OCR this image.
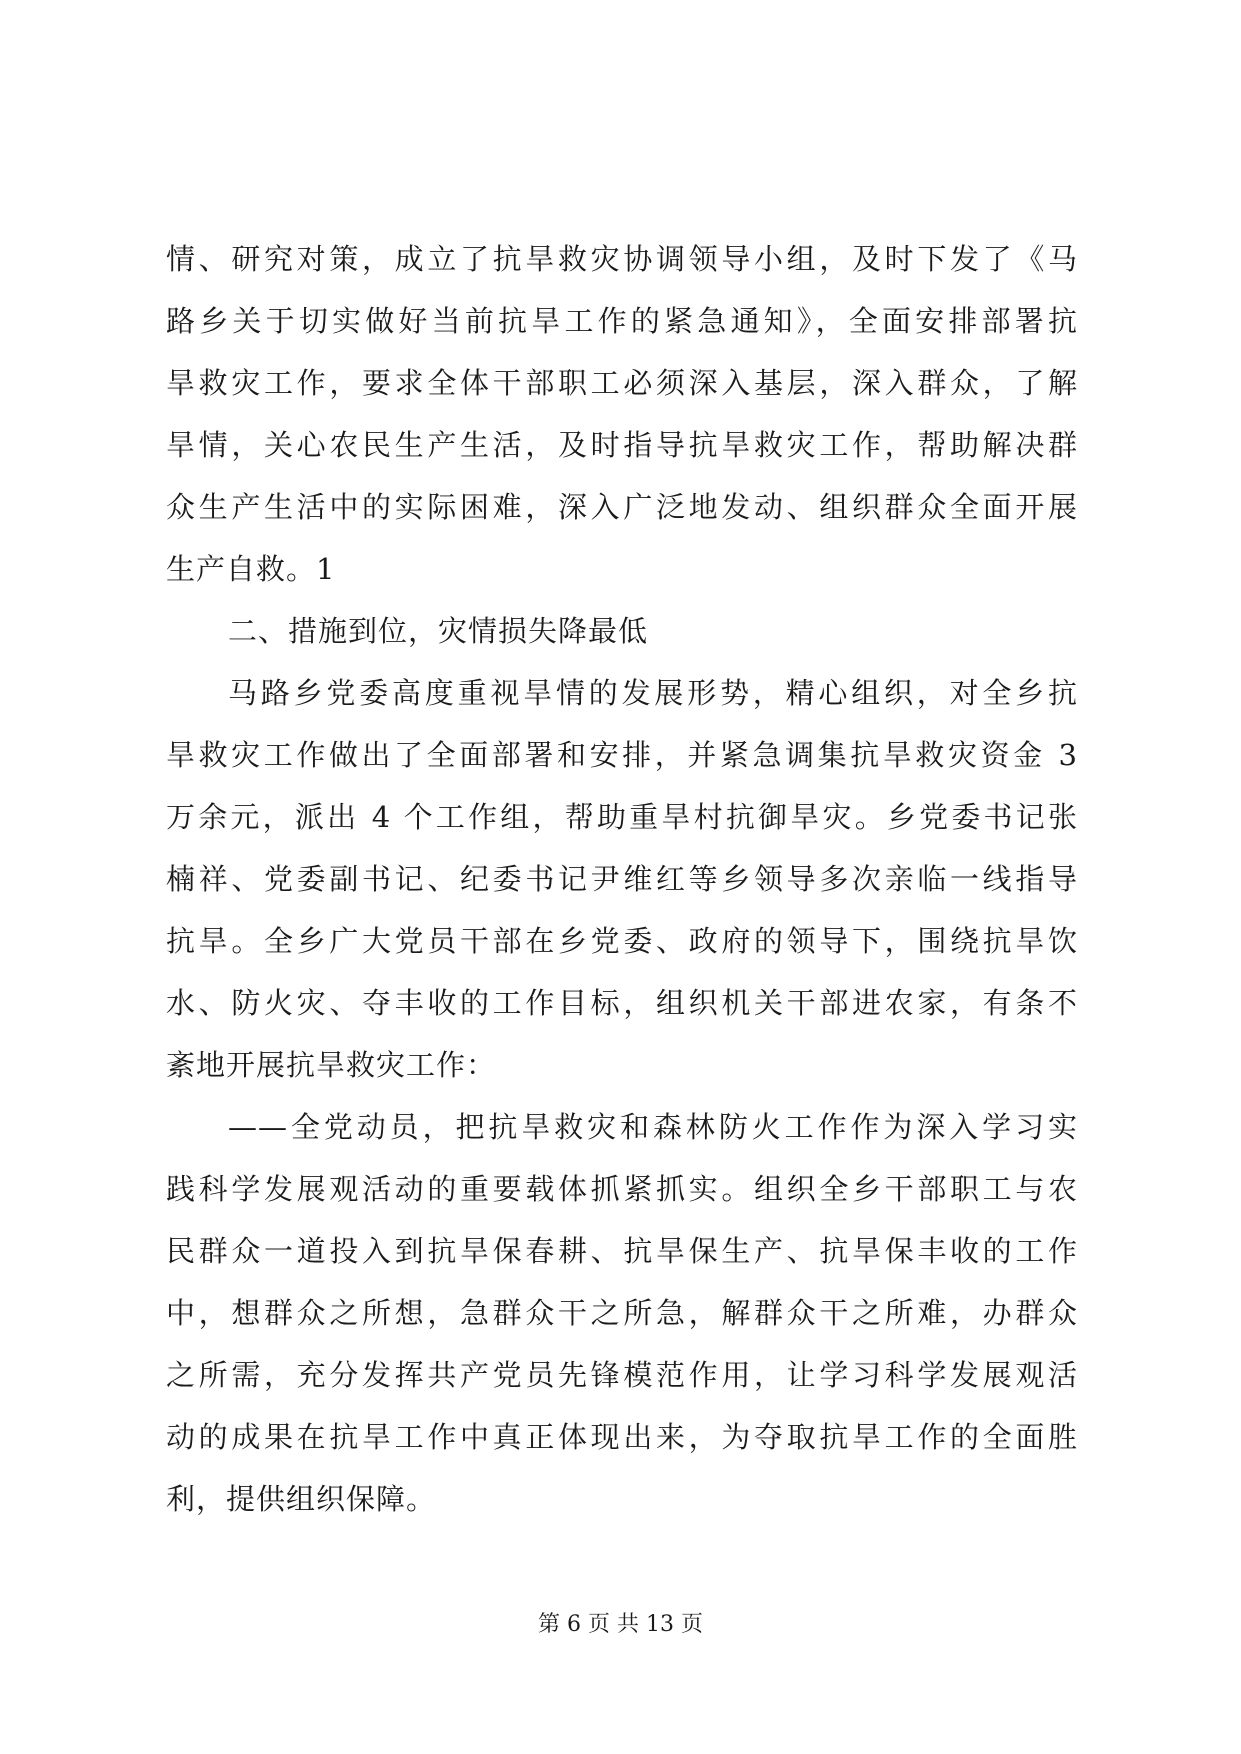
情、研究对策，成立了抗旱救灾协调领导小组，及时下发了《马
路乡关于切实做好当前抗旱工作的紧急通知》，全面安排部署抗
旱救灾工作，要求全体干部职工必须深入基层，深入群众，了解
旱情，关心农民生产生活，及时指导抗旱救灾工作，帮助解决群
众生产生活中的实际困难，深入广泛地发动、组织群众全面开展
生产自救。1
二、措施到位，灾情损失降最低
马路乡党委高度重视旱情的发展形势，精心组织，对全乡抗
旱救灾工作做出了全面部署和安排，并紧急调集抗旱救灾资金 3
万余元，派出 4 个工作组，帮助重旱村抗御旱灾。乡党委书记张
楠祥、党委副书记、纪委书记尹维红等乡领导多次亲临一线指导
抗旱。全乡广大党员干部在乡党委、政府的领导下，围绕抗旱饮
水、防火灾、夺丰收的工作目标，组织机关干部进农家，有条不
紊地开展抗旱救灾工作：
——全党动员，把抗旱救灾和森林防火工作作为深入学习实
践科学发展观活动的重要载体抓紧抓实。组织全乡干部职工与农
民群众一道投入到抗旱保春耕、抗旱保生产、抗旱保丰收的工作
中，想群众之所想，急群众干之所急，解群众干之所难，办群众
之所需，充分发挥共产党员先锋模范作用，让学习科学发展观活
动的成果在抗旱工作中真正体现出来，为夺取抗旱工作的全面胜
利，提供组织保障。
第 6 页 共 13 页
